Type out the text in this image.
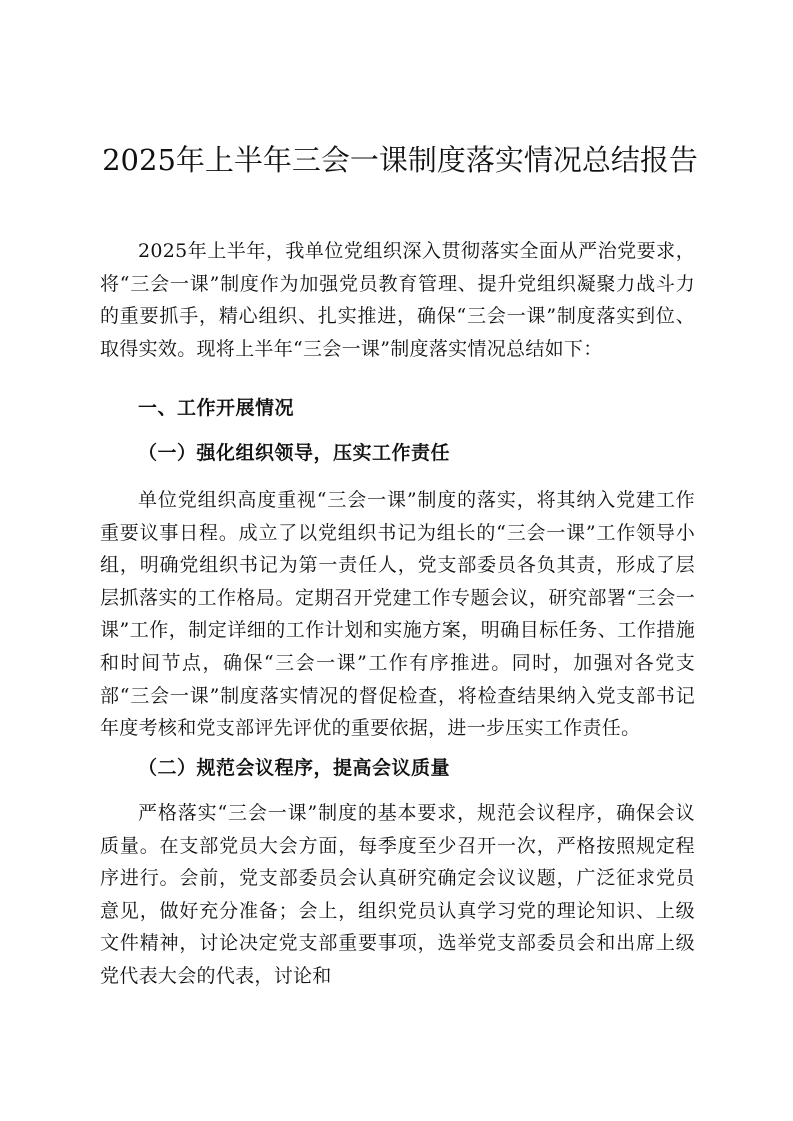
2025年上半年三会一课制度落实情况总结报告

2025年上半年，我单位党组织深入贯彻落实全面从严治党要求，将“三会一课”制度作为加强党员教育管理、提升党组织凝聚力战斗力的重要抓手，精心组织、扎实推进，确保“三会一课”制度落实到位、取得实效。现将上半年“三会一课”制度落实情况总结如下：

一、工作开展情况
（一）强化组织领导，压实工作责任

单位党组织高度重视“三会一课”制度的落实，将其纳入党建工作重要议事日程。成立了以党组织书记为组长的“三会一课”工作领导小组，明确党组织书记为第一责任人，党支部委员各负其责，形成了层层抓落实的工作格局。定期召开党建工作专题会议，研究部署“三会一课”工作，制定详细的工作计划和实施方案，明确目标任务、工作措施和时间节点，确保“三会一课”工作有序推进。同时，加强对各党支部“三会一课”制度落实情况的督促检查，将检查结果纳入党支部书记年度考核和党支部评先评优的重要依据，进一步压实工作责任。

（二）规范会议程序，提高会议质量

严格落实“三会一课”制度的基本要求，规范会议程序，确保会议质量。在支部党员大会方面，每季度至少召开一次，严格按照规定程序进行。会前，党支部委员会认真研究确定会议议题，广泛征求党员意见，做好充分准备；会上，组织党员认真学习党的理论知识、上级文件精神，讨论决定党支部重要事项，选举党支部委员会和出席上级党代表大会的代表，讨论和
